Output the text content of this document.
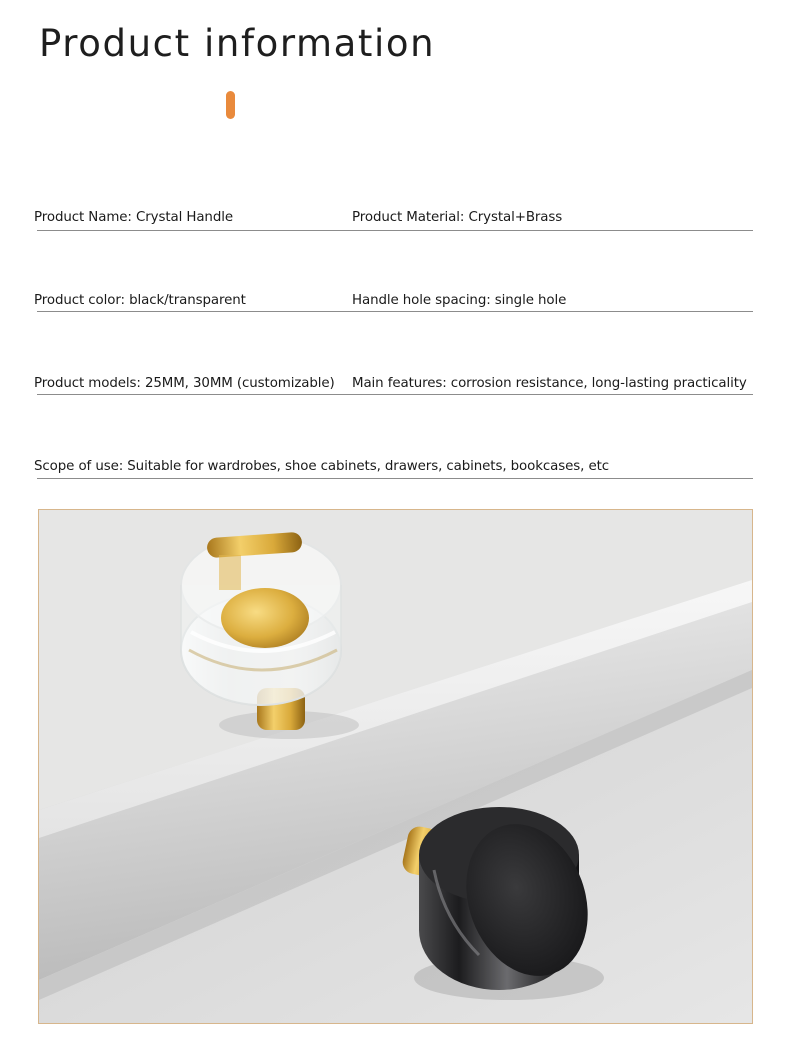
Product information
Product Name: Crystal Handle	Product Material: Crystal+Brass
Product color: black/transparent	Handle hole spacing: single hole
Product models: 25MM, 30MM (customizable) Main features: corrosion resistance, long-lasting practicality
Scope of use: Suitable for wardrobes, shoe cabinets, drawers, cabinets, bookcases, etc
